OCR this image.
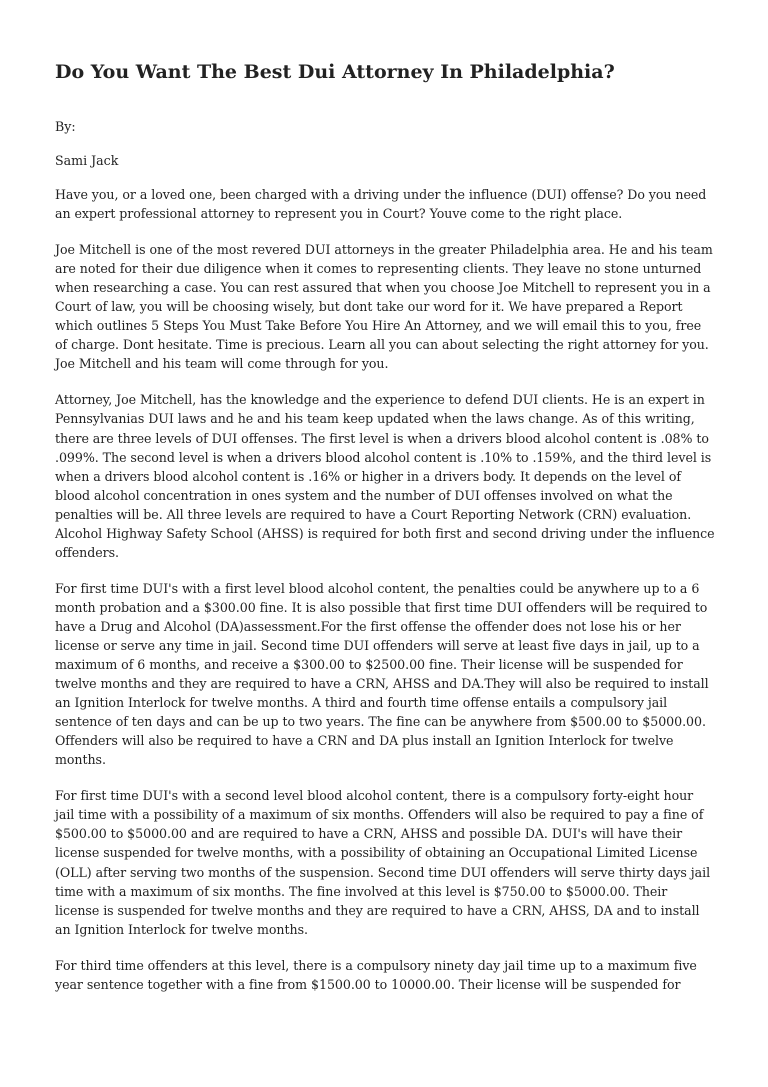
Do You Want The Best Dui Attorney In Philadelphia?
By:
Sami Jack

Have you, or a loved one, been charged with a driving under the influence (DUI) offense? Do you need an expert professional attorney to represent you in Court? Youve come to the right place.

Joe Mitchell is one of the most revered DUI attorneys in the greater Philadelphia area. He and his team are noted for their due diligence when it comes to representing clients. They leave no stone unturned when researching a case. You can rest assured that when you choose Joe Mitchell to represent you in a Court of law, you will be choosing wisely, but dont take our word for it. We have prepared a Report which outlines 5 Steps You Must Take Before You Hire An Attorney, and we will email this to you, free of charge. Dont hesitate. Time is precious. Learn all you can about selecting the right attorney for you. Joe Mitchell and his team will come through for you.

Attorney, Joe Mitchell, has the knowledge and the experience to defend DUI clients. He is an expert in Pennsylvanias DUI laws and he and his team keep updated when the laws change. As of this writing, there are three levels of DUI offenses. The first level is when a drivers blood alcohol content is .08% to .099%. The second level is when a drivers blood alcohol content is .10% to .159%, and the third level is when a drivers blood alcohol content is .16% or higher in a drivers body. It depends on the level of blood alcohol concentration in ones system and the number of DUI offenses involved on what the penalties will be. All three levels are required to have a Court Reporting Network (CRN) evaluation. Alcohol Highway Safety School (AHSS) is required for both first and second driving under the influence offenders.

For first time DUI's with a first level blood alcohol content, the penalties could be anywhere up to a 6 month probation and a $300.00 fine. It is also possible that first time DUI offenders will be required to have a Drug and Alcohol (DA)assessment.For the first offense the offender does not lose his or her license or serve any time in jail. Second time DUI offenders will serve at least five days in jail, up to a maximum of 6 months, and receive a $300.00 to $2500.00 fine. Their license will be suspended for twelve months and they are required to have a CRN, AHSS and DA.They will also be required to install an Ignition Interlock for twelve months. A third and fourth time offense entails a compulsory jail sentence of ten days and can be up to two years. The fine can be anywhere from $500.00 to $5000.00. Offenders will also be required to have a CRN and DA plus install an Ignition Interlock for twelve months.

For first time DUI's with a second level blood alcohol content, there is a compulsory forty-eight hour jail time with a possibility of a maximum of six months. Offenders will also be required to pay a fine of $500.00 to $5000.00 and are required to have a CRN, AHSS and possible DA. DUI's will have their license suspended for twelve months, with a possibility of obtaining an Occupational Limited License (OLL) after serving two months of the suspension. Second time DUI offenders will serve thirty days jail time with a maximum of six months. The fine involved at this level is $750.00 to $5000.00. Their license is suspended for twelve months and they are required to have a CRN, AHSS, DA and to install an Ignition Interlock for twelve months.

For third time offenders at this level, there is a compulsory ninety day jail time up to a maximum five year sentence together with a fine from $1500.00 to 10000.00. Their license will be suspended for
